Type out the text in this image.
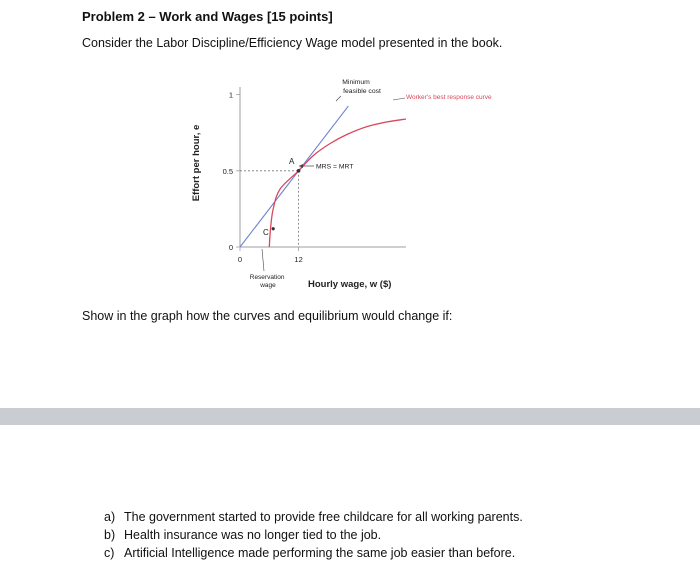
Problem 2 – Work and Wages [15 points]

Consider the Labor Discipline/Efficiency Wage model presented in the book.

Effort per hour, e
Hourly wage, w ($)
0
0.5
1
0	12
A
C
MRS = MRT
Minimum feasible cost
Worker's best response curve
Reservation wage

Show in the graph how the curves and equilibrium would change if:

a) The government started to provide free childcare for all working parents.
b) Health insurance was no longer tied to the job.
c) Artificial Intelligence made performing the same job easier than before.
